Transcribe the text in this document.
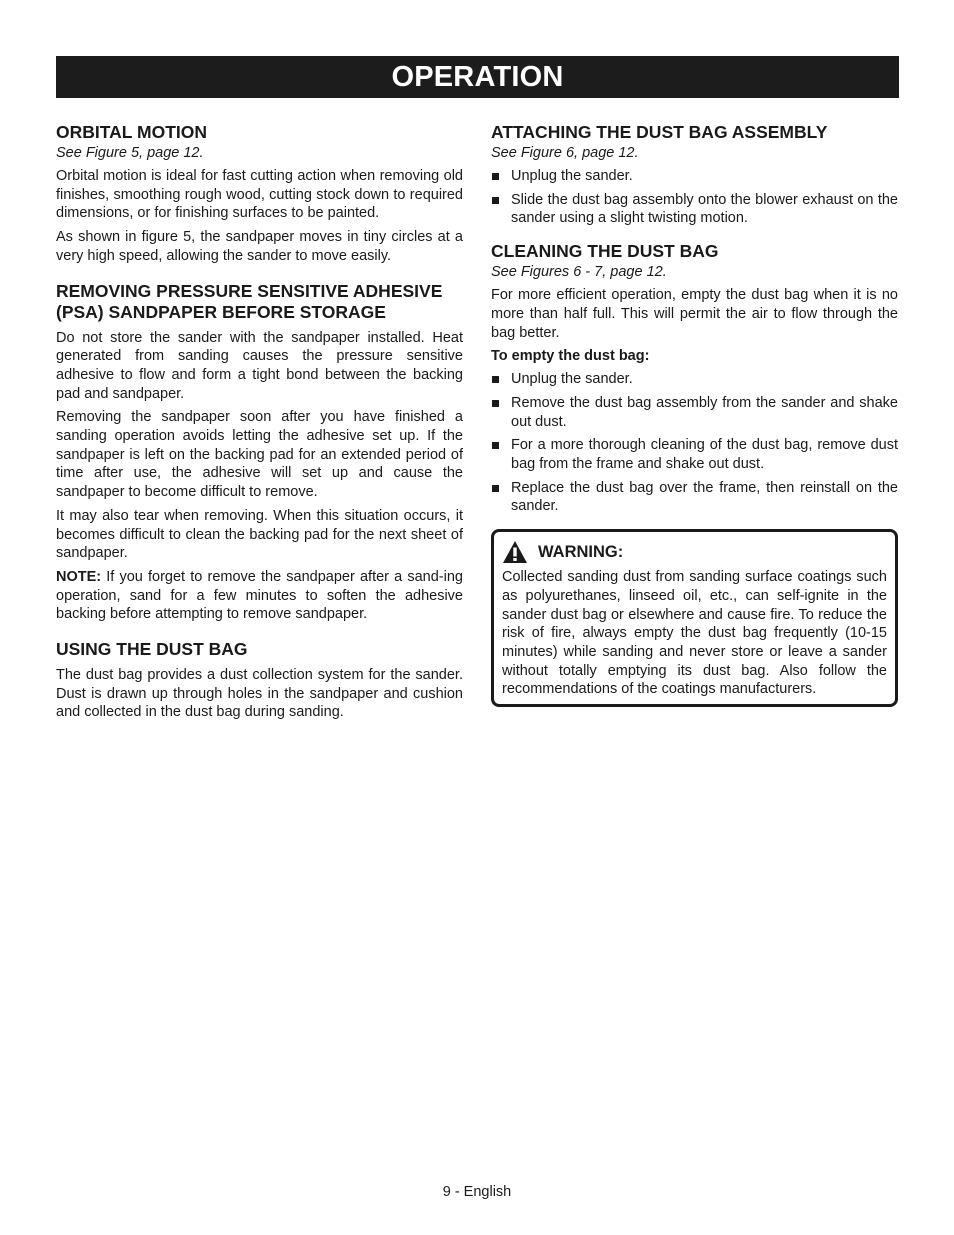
OPERATION
ORBITAL MOTION
See Figure 5, page 12.

Orbital motion is ideal for fast cutting action when removing old finishes, smoothing rough wood, cutting stock down to required dimensions, or for finishing surfaces to be painted.

As shown in figure 5, the sandpaper moves in tiny circles at a very high speed, allowing the sander to move easily.

REMOVING PRESSURE SENSITIVE ADHESIVE (PSA) SANDPAPER BEFORE STORAGE

Do not store the sander with the sandpaper installed. Heat generated from sanding causes the pressure sensitive adhesive to flow and form a tight bond between the backing pad and sandpaper.

Removing the sandpaper soon after you have finished a sanding operation avoids letting the adhesive set up. If the sandpaper is left on the backing pad for an extended period of time after use, the adhesive will set up and cause the sandpaper to become difficult to remove.

It may also tear when removing. When this situation occurs, it becomes difficult to clean the backing pad for the next sheet of sandpaper.

NOTE: If you forget to remove the sandpaper after a sand-ing operation, sand for a few minutes to soften the adhesive backing before attempting to remove sandpaper.

USING THE DUST BAG

The dust bag provides a dust collection system for the sander. Dust is drawn up through holes in the sandpaper and cushion and collected in the dust bag during sanding.

ATTACHING THE DUST BAG ASSEMBLY
See Figure 6, page 12.
Unplug the sander.
Slide the dust bag assembly onto the blower exhaust on the sander using a slight twisting motion.
CLEANING THE DUST BAG
See Figures 6 - 7, page 12.

For more efficient operation, empty the dust bag when it is no more than half full. This will permit the air to flow through the bag better.

To empty the dust bag:
Unplug the sander.
Remove the dust bag assembly from the sander and shake out dust.
For a more thorough cleaning of the dust bag, remove dust bag from the frame and shake out dust.
Replace the dust bag over the frame, then reinstall on the sander.
WARNING:

Collected sanding dust from sanding surface coatings such as polyurethanes, linseed oil, etc., can self-ignite in the sander dust bag or elsewhere and cause fire. To reduce the risk of fire, always empty the dust bag frequently (10-15 minutes) while sanding and never store or leave a sander without totally emptying its dust bag. Also follow the recommendations of the coatings manufacturers.

9 - English
